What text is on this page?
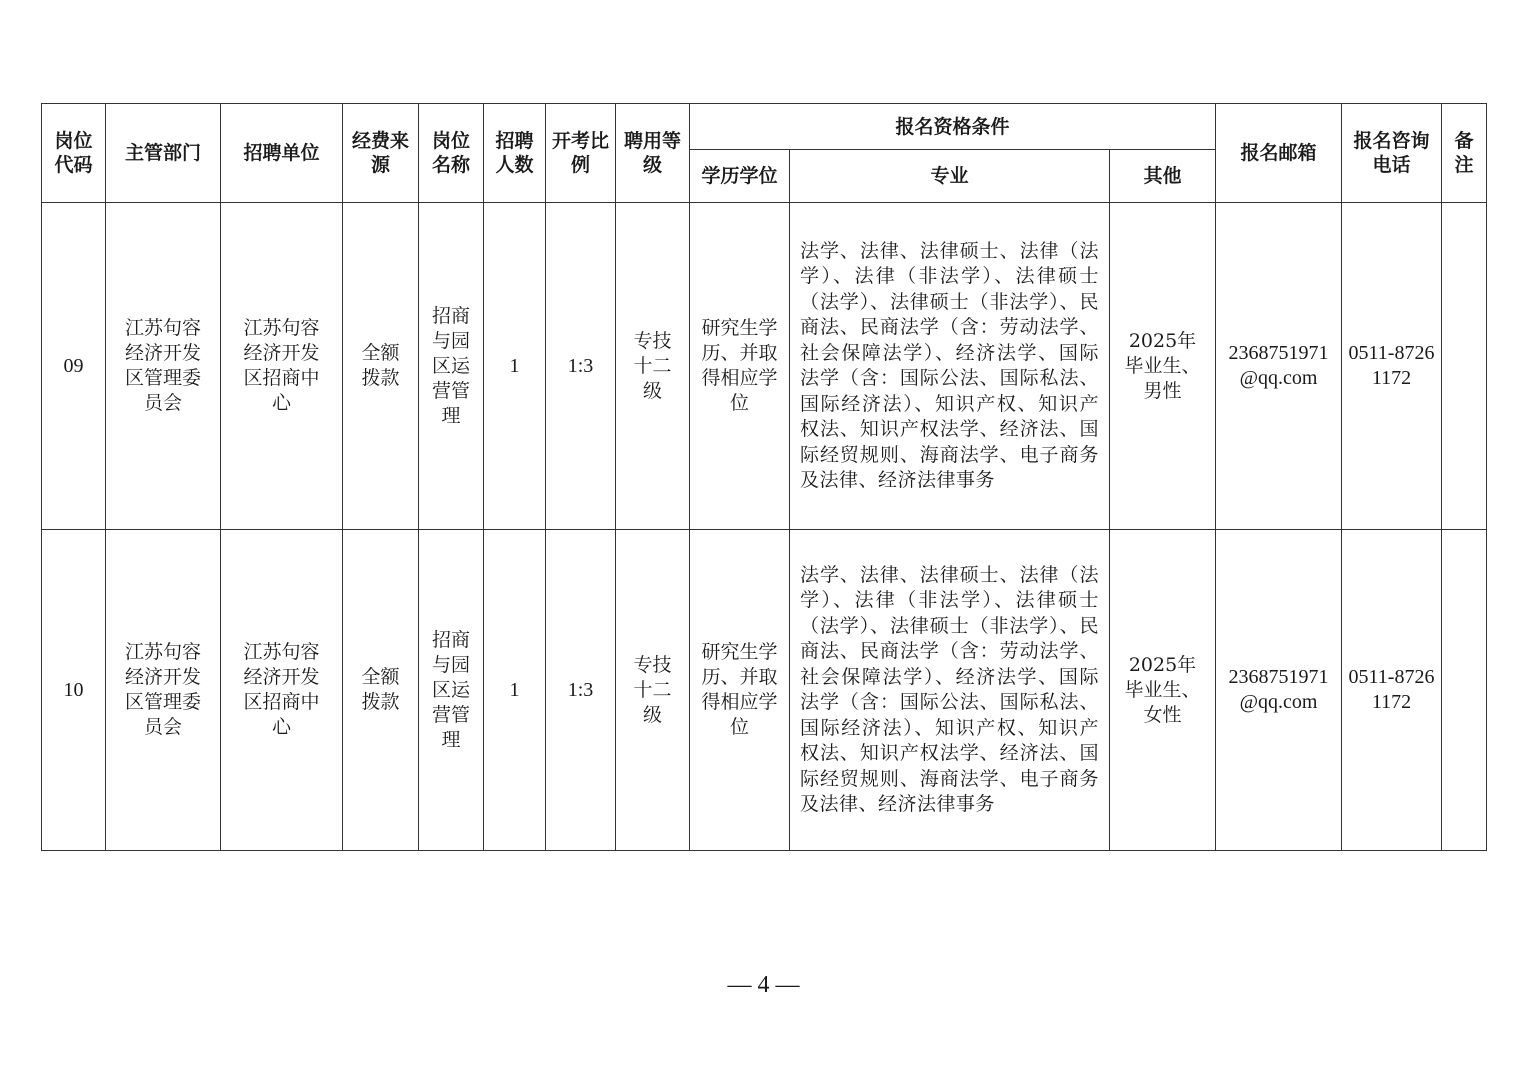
岗位代码	主管部门	招聘单位	经费来源	岗位名称	招聘人数	开考比例	聘用等级	报名资格条件			报名邮箱	报名咨询电话	备注
								学历学位	专业	其他			
09	江苏句容经济开发区管理委员会	江苏句容经济开发区招商中心	全额拨款	招商与园区运营管理	1	1:3	专技十二级	研究生学历、并取得相应学位	法学、法律、法律硕士、法律（法学）、法律（非法学）、法律硕士（法学）、法律硕士（非法学）、民商法、民商法学（含：劳动法学、社会保障法学）、经济法学、国际法学（含：国际公法、国际私法、国际经济法）、知识产权、知识产权法、知识产权法学、经济法、国际经贸规则、海商法学、电子商务及法律、经济法律事务	2025年毕业生、男性	2368751971@qq.com	0511-87261172	
10	江苏句容经济开发区管理委员会	江苏句容经济开发区招商中心	全额拨款	招商与园区运营管理	1	1:3	专技十二级	研究生学历、并取得相应学位	法学、法律、法律硕士、法律（法学）、法律（非法学）、法律硕士（法学）、法律硕士（非法学）、民商法、民商法学（含：劳动法学、社会保障法学）、经济法学、国际法学（含：国际公法、国际私法、国际经济法）、知识产权、知识产权法、知识产权法学、经济法、国际经贸规则、海商法学、电子商务及法律、经济法律事务	2025年毕业生、女性	2368751971@qq.com	0511-87261172	
— 4 —
